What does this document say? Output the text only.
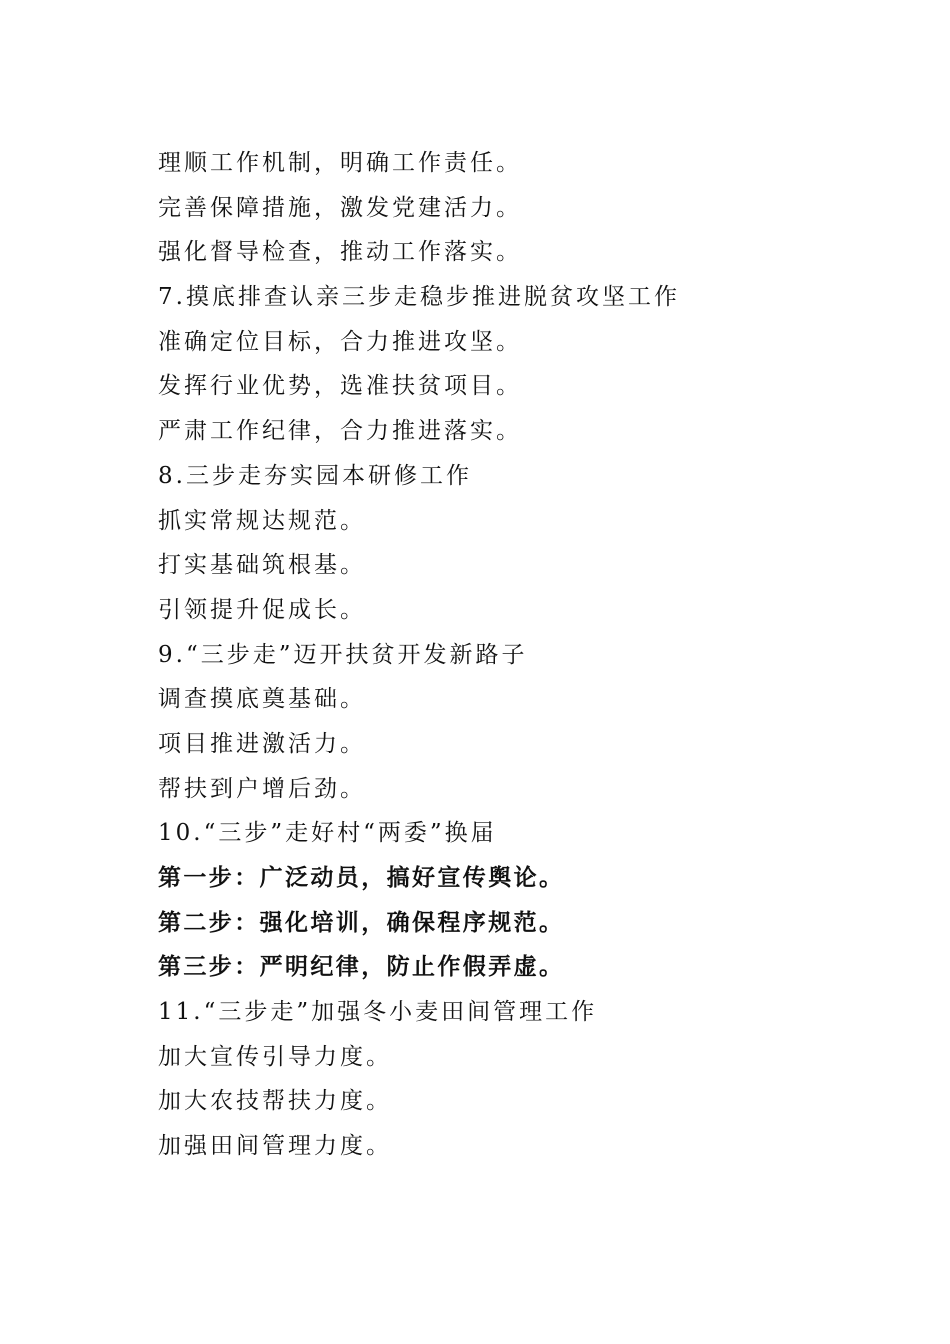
理顺工作机制，明确工作责任。
完善保障措施，激发党建活力。
强化督导检查，推动工作落实。
7.摸底排查认亲三步走稳步推进脱贫攻坚工作
准确定位目标，合力推进攻坚。
发挥行业优势，选准扶贫项目。
严肃工作纪律，合力推进落实。
8.三步走夯实园本研修工作
抓实常规达规范。
打实基础筑根基。
引领提升促成长。
9.“三步走”迈开扶贫开发新路子
调查摸底奠基础。
项目推进激活力。
帮扶到户增后劲。
10.“三步”走好村“两委”换届
第一步：广泛动员，搞好宣传舆论。
第二步：强化培训，确保程序规范。
第三步：严明纪律，防止作假弄虚。
11.“三步走”加强冬小麦田间管理工作
加大宣传引导力度。
加大农技帮扶力度。
加强田间管理力度。
